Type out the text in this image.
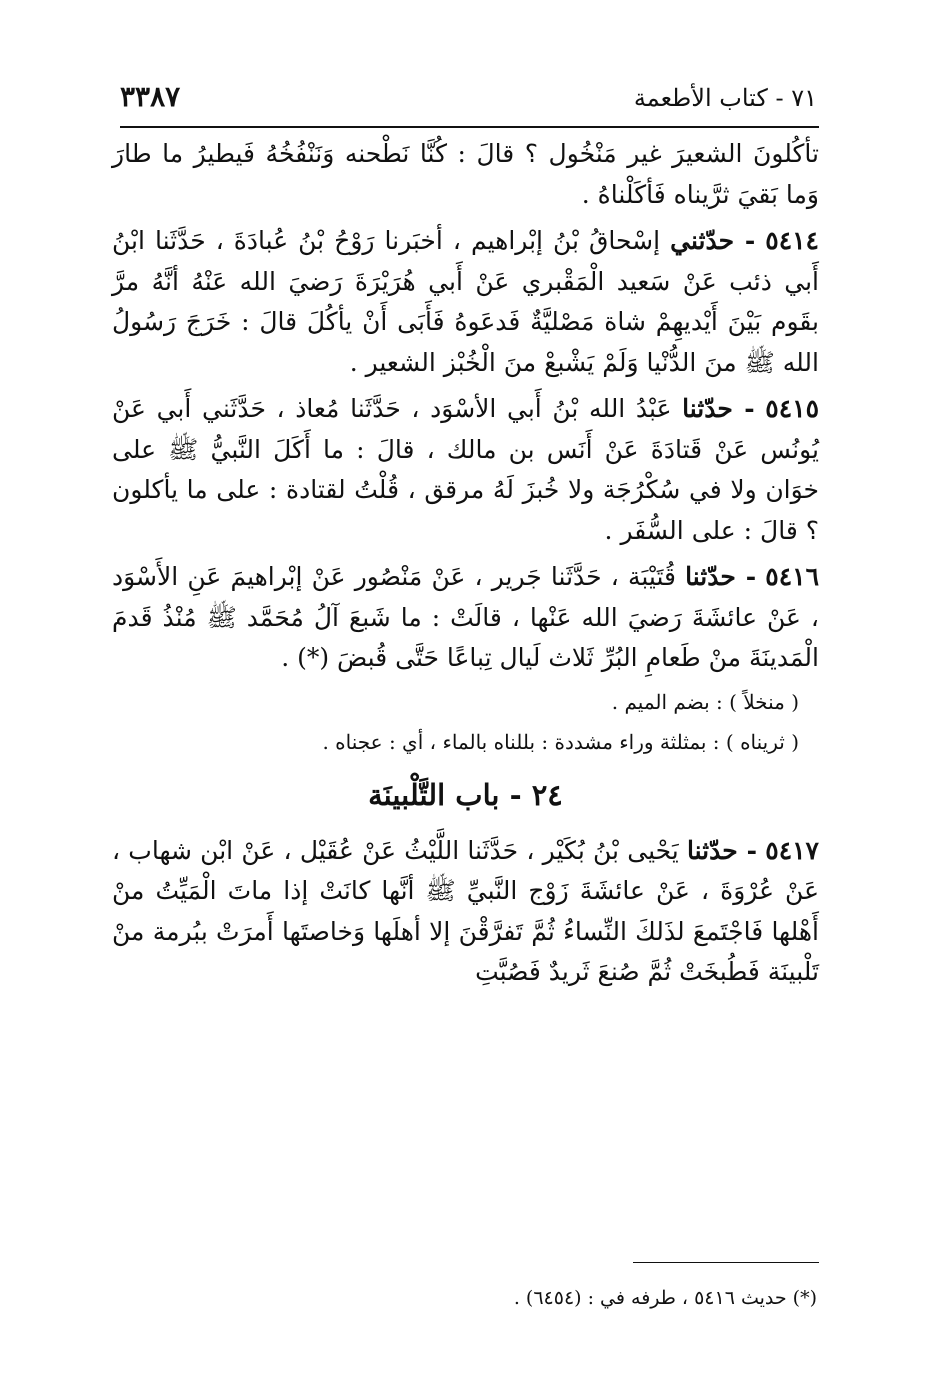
٧١ - كتاب الأطعمة
٣٣٨٧

تأكُلونَ الشعيرَ غير مَنْخُول ؟ قالَ : كُنَّا نَطْحنه وَنَنْفُخُهُ فَيطيرُ ما طارَ وَما بَقيَ ثرَّيناه فَأكَلْناهُ .

٥٤١٤ - حدّثني إسْحاقُ بْنُ إبْراهيم ، أخبَرنا رَوْحُ بْنُ عُبادَةَ ، حَدَّثَنا ابْنُ أَبي ذئب عَنْ سَعيد الْمَقْبري عَنْ أَبي هُرَيْرَةَ رَضيَ الله عَنْهُ أنَّهُ مرَّ بقَوم بَيْنَ أَيْديهِمْ شاة مَصْليَّةٌ فَدعَوهُ فَأَبَى أَنْ يأكُلَ قالَ : خَرَجَ رَسُولُ الله ﷺ منَ الدُّنْيا وَلَمْ يَشْبعْ منَ الْخُبْز الشعير .

٥٤١٥ - حدّثنا عَبْدُ الله بْنُ أَبي الأسْوَد ، حَدَّثَنا مُعاذ ، حَدَّثَني أَبي عَنْ يُونُس عَنْ قَتادَةَ عَنْ أَنَس بن مالك ، قالَ : ما أَكَلَ النَّبيُّ ﷺ على خوَان ولا في سُكْرُجَة ولا خُبزَ لَهُ مرقق ، قُلْتُ لقتادة : على ما يأكلون ؟ قالَ : على السُّفَر .

٥٤١٦ - حدّثنا قُتَيْبَة ، حَدَّثَنا جَرير ، عَنْ مَنْصُور عَنْ إبْراهيمَ عَنِ الأَسْوَد ، عَنْ عائشَةَ رَضيَ الله عَنْها ، قالَتْ : ما شَبعَ آلُ مُحَمَّد ﷺ مُنْذُ قَدمَ الْمَدينَةَ منْ طَعامِ البُرِّ ثَلاث لَيال تِباعًا حَتَّى قُبضَ (*) .

( منخلاً ) : بضم الميم .

( ثريناه ) : بمثلثة وراء مشددة : بللناه بالماء ، أي : عجناه .

٢٤ - باب التَّلْبينَة

٥٤١٧ - حدّثنا يَحْيى بْنُ بُكَيْر ، حَدَّثَنا اللَّيْثُ عَنْ عُقَيْل ، عَنْ ابْن شهاب ، عَنْ عُرْوَةَ ، عَنْ عائشَةَ زَوْج النَّبيِّ ﷺ أنَّها كانَتْ إذا ماتَ الْمَيِّتُ منْ أَهْلها فَاجْتَمعَ لذَلكَ النِّساءُ ثُمَّ تَفرَّقْنَ إلا أهلَها وَخاصتَها أَمرَتْ ببُرمة منْ تَلْبينَة فَطُبخَتْ ثُمَّ صُنعَ ثَريدٌ فَصُبَّتِ

(*) حديث ٥٤١٦ ، طرفه في : (٦٤٥٤) .
